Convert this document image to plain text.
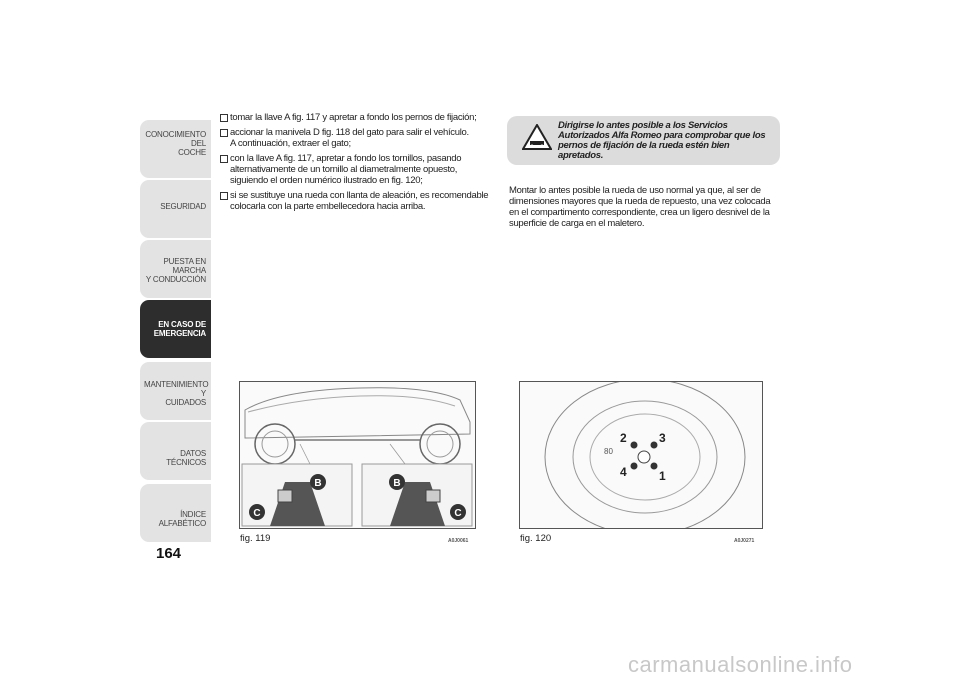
CONOCIMIENTO DEL
COCHE
SEGURIDAD
PUESTA EN MARCHA
Y CONDUCCIÓN
EN CASO DE
EMERGENCIA
MANTENIMIENTO Y
CUIDADOS
DATOS TÉCNICOS
ÍNDICE ALFABÉTICO
164
tomar la llave A fig. 117 y apretar a fondo los pernos de fijación;
accionar la manivela D fig. 118 del gato para salir el vehículo.
A continuación, extraer el gato;
con la llave A fig. 117, apretar a fondo los tornillos, pasando alternativamente de un tornillo al diametralmente opuesto, siguiendo el orden numérico ilustrado en fig. 120;
si se sustituye una rueda con llanta de aleación, es recomendable colocarla con la parte embellecedora hacia arriba.
Dirigirse lo antes posible a los Servicios Autorizados Alfa Romeo para comprobar que los pernos de fijación de la rueda estén bien apretados.
Montar lo antes posible la rueda de uso normal ya que, al ser de dimensiones mayores que la rueda de repuesto, una vez colocada en el compartimento correspondiente, crea un ligero desnivel de la superficie de carga en el maletero.
B
C
B
C
fig. 119	A0J0061
2	3
4	1
80
fig. 120	A0J0271
carmanualsonline.info
